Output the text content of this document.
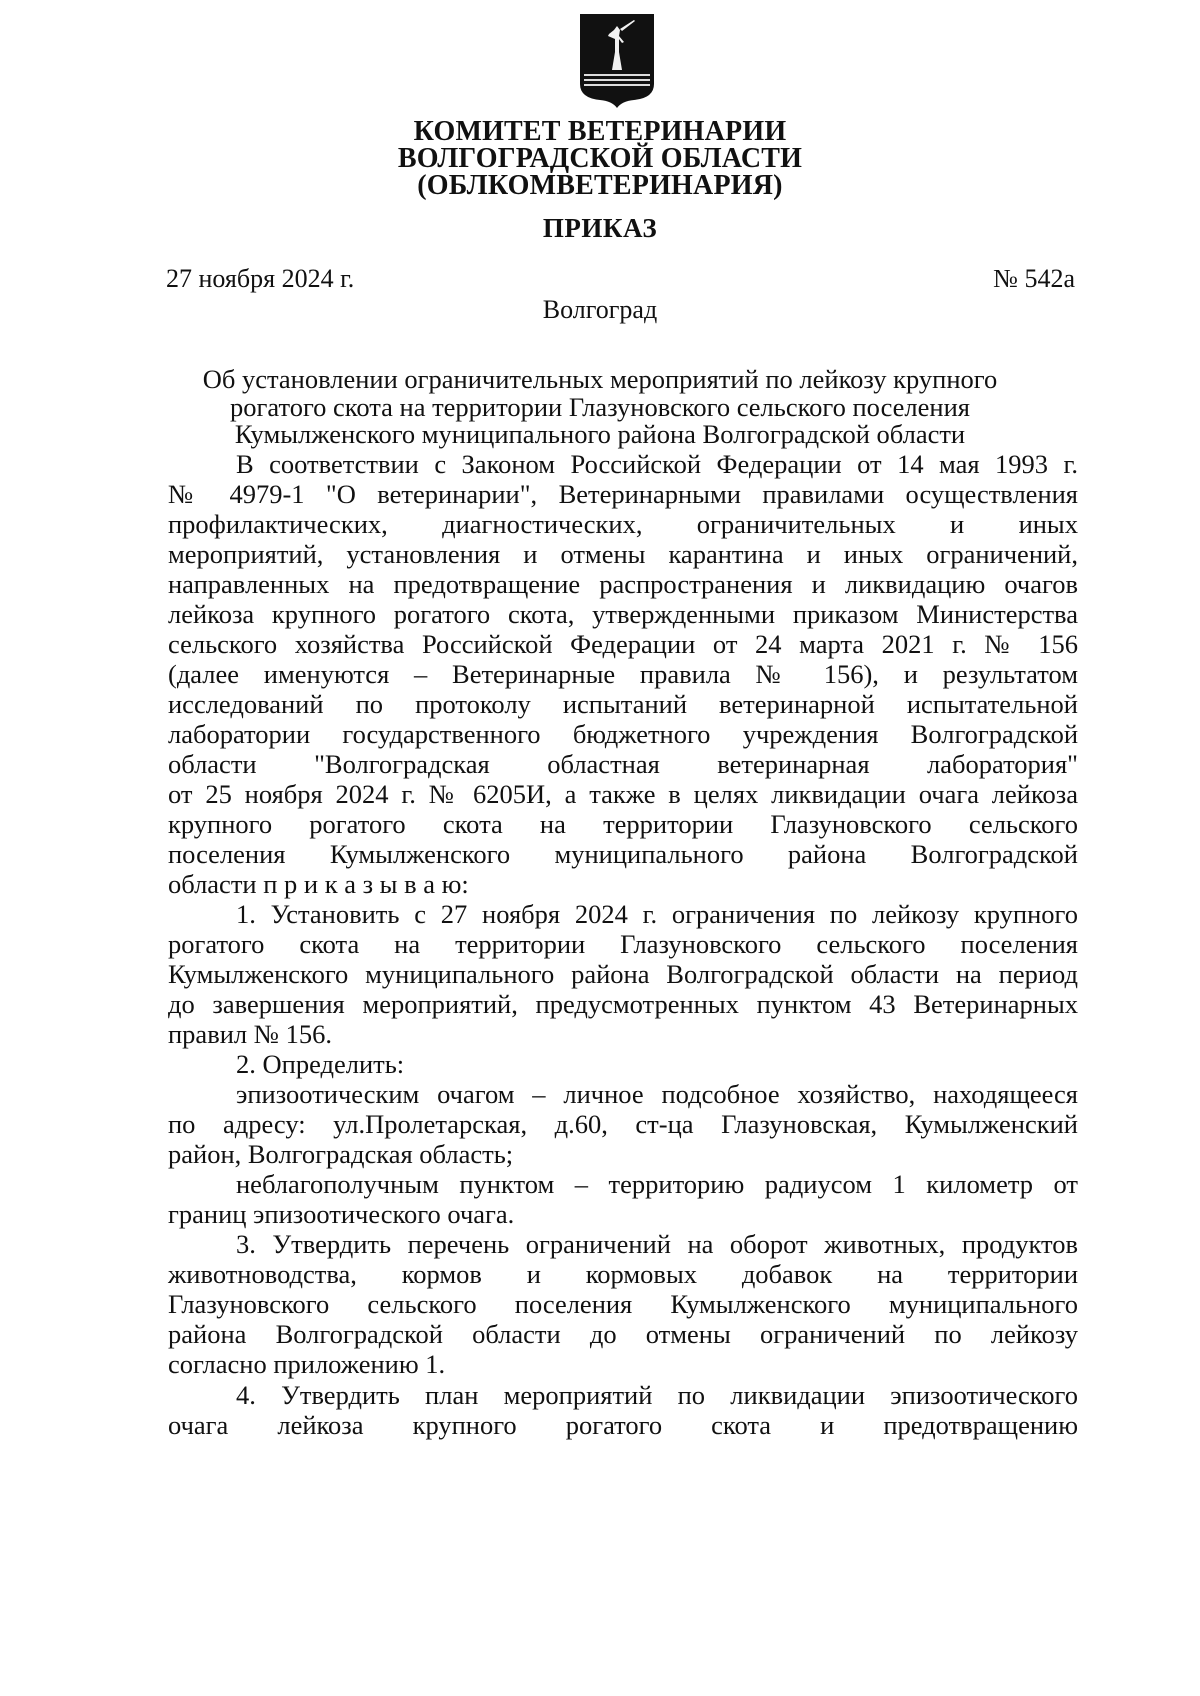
КОМИТЕТ ВЕТЕРИНАРИИ
ВОЛГОГРАДСКОЙ ОБЛАСТИ
(ОБЛКОМВЕТЕРИНАРИЯ)
ПРИКАЗ
27 ноября 2024 г.	№ 542а
Волгоград
Об установлении ограничительных мероприятий по лейкозу крупного
рогатого скота на территории Глазуновского сельского поселения
Кумылженского муниципального района Волгоградской области
В соответствии с Законом Российской Федерации от 14 мая 1993 г.
№ 4979-1 "О ветеринарии", Ветеринарными правилами осуществления
профилактических, диагностических, ограничительных и иных
мероприятий, установления и отмены карантина и иных ограничений,
направленных на предотвращение распространения и ликвидацию очагов
лейкоза крупного рогатого скота, утвержденными приказом Министерства
сельского хозяйства Российской Федерации от 24 марта 2021 г. № 156
(далее именуются – Ветеринарные правила № 156), и результатом
исследований по протоколу испытаний ветеринарной испытательной
лаборатории государственного бюджетного учреждения Волгоградской
области "Волгоградская областная ветеринарная лаборатория"
от 25 ноября 2024 г. № 6205И, а также в целях ликвидации очага лейкоза
крупного рогатого скота на территории Глазуновского сельского
поселения Кумылженского муниципального района Волгоградской
области п р и к а з ы в а ю:
1. Установить с 27 ноября 2024 г. ограничения по лейкозу крупного
рогатого скота на территории Глазуновского сельского поселения
Кумылженского муниципального района Волгоградской области на период
до завершения мероприятий, предусмотренных пунктом 43 Ветеринарных
правил № 156.
2. Определить:
эпизоотическим очагом – личное подсобное хозяйство, находящееся
по адресу: ул.Пролетарская, д.60, ст-ца Глазуновская, Кумылженский
район, Волгоградская область;
неблагополучным пунктом – территорию радиусом 1 километр от
границ эпизоотического очага.
3. Утвердить перечень ограничений на оборот животных, продуктов
животноводства, кормов и кормовых добавок на территории
Глазуновского сельского поселения Кумылженского муниципального
района Волгоградской области до отмены ограничений по лейкозу
согласно приложению 1.
4. Утвердить план мероприятий по ликвидации эпизоотического
очага лейкоза крупного рогатого скота и предотвращению
